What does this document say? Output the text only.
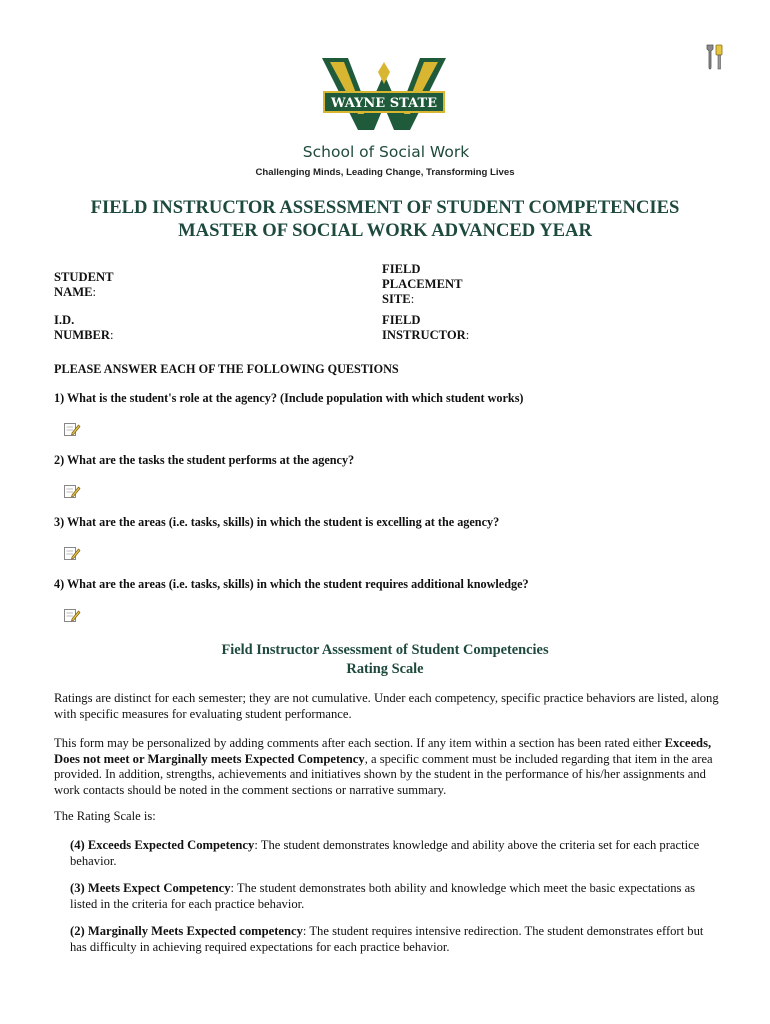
WAYNE STATE
School of Social Work
Challenging Minds, Leading Change, Transforming Lives
FIELD INSTRUCTOR ASSESSMENT OF STUDENT COMPETENCIES
MASTER OF SOCIAL WORK ADVANCED YEAR
STUDENT
NAME:
FIELD
PLACEMENT
SITE:
I.D.
NUMBER:
FIELD
INSTRUCTOR:
PLEASE ANSWER EACH OF THE FOLLOWING QUESTIONS
1) What is the student's role at the agency? (Include population with which student works)
2) What are the tasks the student performs at the agency?
3) What are the areas (i.e. tasks, skills) in which the student is excelling at the agency?
4) What are the areas (i.e. tasks, skills) in which the student requires additional knowledge?
Field Instructor Assessment of Student Competencies
Rating Scale
Ratings are distinct for each semester; they are not cumulative. Under each competency, specific practice behaviors are listed, along with specific measures for evaluating student performance.
This form may be personalized by adding comments after each section. If any item within a section has been rated either Exceeds, Does not meet or Marginally meets Expected Competency, a specific comment must be included regarding that item in the area provided. In addition, strengths, achievements and initiatives shown by the student in the performance of his/her assignments and work contacts should be noted in the comment sections or narrative summary.
The Rating Scale is:
(4) Exceeds Expected Competency: The student demonstrates knowledge and ability above the criteria set for each practice behavior.
(3) Meets Expect Competency: The student demonstrates both ability and knowledge which meet the basic expectations as listed in the criteria for each practice behavior.
(2) Marginally Meets Expected competency: The student requires intensive redirection. The student demonstrates effort but has difficulty in achieving required expectations for each practice behavior.
